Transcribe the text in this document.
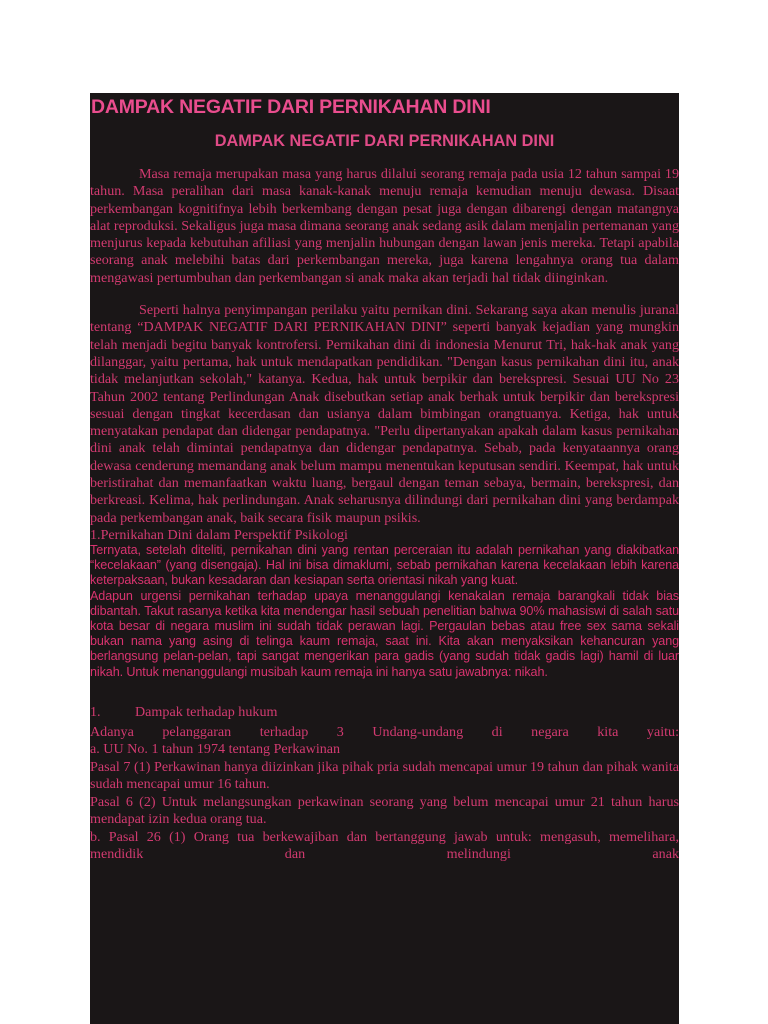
DAMPAK NEGATIF DARI PERNIKAHAN DINI
DAMPAK NEGATIF DARI PERNIKAHAN DINI

Masa remaja merupakan masa yang harus dilalui seorang remaja pada usia 12 tahun sampai 19 tahun. Masa peralihan dari masa kanak-kanak menuju remaja kemudian menuju dewasa. Disaat perkembangan kognitifnya lebih berkembang dengan pesat juga dengan dibarengi dengan matangnya alat reproduksi. Sekaligus juga masa dimana seorang anak sedang asik dalam menjalin pertemanan yang menjurus kepada kebutuhan afiliasi yang menjalin hubungan dengan lawan jenis mereka. Tetapi apabila seorang anak melebihi batas dari perkembangan mereka, juga karena lengahnya orang tua dalam mengawasi pertumbuhan dan perkembangan si anak maka akan terjadi hal tidak diinginkan.

Seperti halnya penyimpangan perilaku yaitu pernikan dini. Sekarang saya akan menulis juranal tentang “DAMPAK NEGATIF DARI PERNIKAHAN DINI” seperti banyak kejadian yang mungkin telah menjadi begitu banyak kontrofersi. Pernikahan dini di indonesia Menurut Tri, hak-hak anak yang dilanggar, yaitu pertama, hak untuk mendapatkan pendidikan. "Dengan kasus pernikahan dini itu, anak tidak melanjutkan sekolah," katanya. Kedua, hak untuk berpikir dan berekspresi. Sesuai UU No 23 Tahun 2002 tentang Perlindungan Anak disebutkan setiap anak berhak untuk berpikir dan berekspresi sesuai dengan tingkat kecerdasan dan usianya dalam bimbingan orangtuanya. Ketiga, hak untuk menyatakan pendapat dan didengar pendapatnya. "Perlu dipertanyakan apakah dalam kasus pernikahan dini anak telah dimintai pendapatnya dan didengar pendapatnya. Sebab, pada kenyataannya orang dewasa cenderung memandang anak belum mampu menentukan keputusan sendiri. Keempat, hak untuk beristirahat dan memanfaatkan waktu luang, bergaul dengan teman sebaya, bermain, berekspresi, dan berkreasi. Kelima, hak perlindungan. Anak seharusnya dilindungi dari pernikahan dini yang berdampak pada perkembangan anak, baik secara fisik maupun psikis.

1.Pernikahan Dini dalam Perspektif Psikologi

Ternyata, setelah diteliti, pernikahan dini yang rentan perceraian itu adalah pernikahan yang diakibatkan “kecelakaan” (yang disengaja). Hal ini bisa dimaklumi, sebab pernikahan karena kecelakaan lebih karena keterpaksaan, bukan kesadaran dan kesiapan serta orientasi nikah yang kuat.

Adapun urgensi pernikahan terhadap upaya menanggulangi kenakalan remaja barangkali tidak bias dibantah. Takut rasanya ketika kita mendengar hasil sebuah penelitian bahwa 90% mahasiswi di salah satu kota besar di negara muslim ini sudah tidak perawan lagi. Pergaulan bebas atau free sex sama sekali bukan nama yang asing di telinga kaum remaja, saat ini. Kita akan menyaksikan kehancuran yang berlangsung pelan-pelan, tapi sangat mengerikan para gadis (yang sudah tidak gadis lagi) hamil di luar nikah. Untuk menanggulangi musibah kaum remaja ini hanya satu jawabnya: nikah.

1. Dampak terhadap hukum

Adanya pelanggaran terhadap 3 Undang-undang di negara kita yaitu:

a. UU No. 1 tahun 1974 tentang Perkawinan

Pasal 7 (1) Perkawinan hanya diizinkan jika pihak pria sudah mencapai umur 19 tahun dan pihak wanita sudah mencapai umur 16 tahun.

Pasal 6 (2) Untuk melangsungkan perkawinan seorang yang belum mencapai umur 21 tahun harus mendapat izin kedua orang tua.

b. Pasal 26 (1) Orang tua berkewajiban dan bertanggung jawab untuk: mengasuh, memelihara, mendidik dan melindungi anak
